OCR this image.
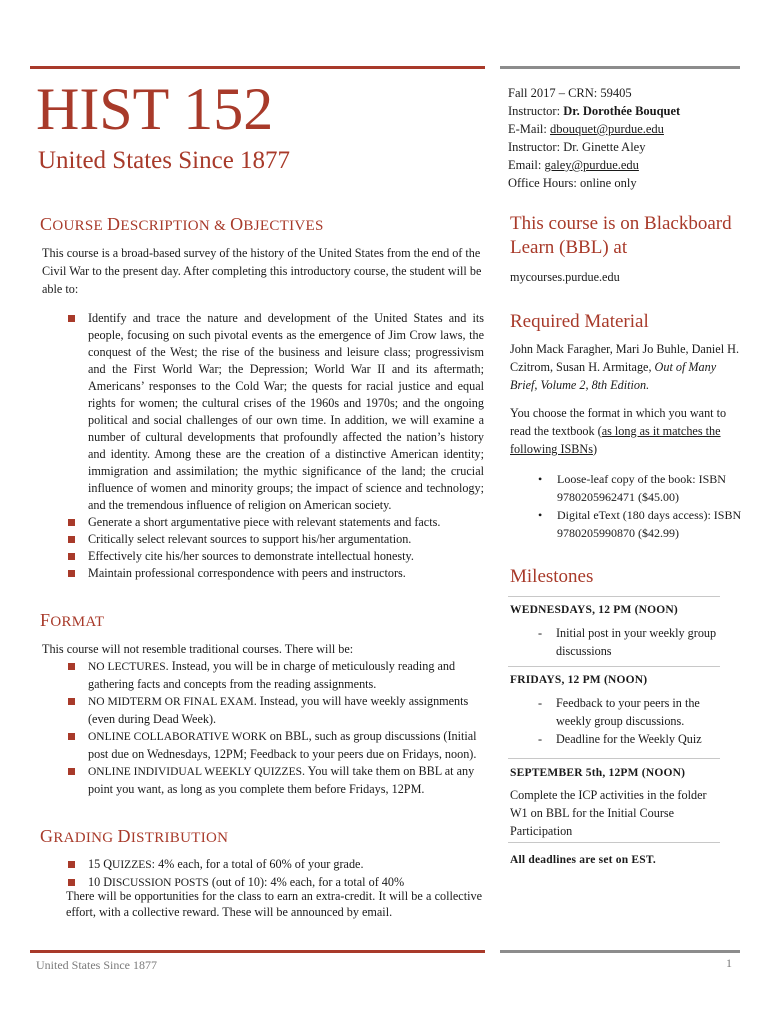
HIST 152
United States Since 1877
Fall 2017 – CRN: 59405
Instructor: Dr. Dorothée Bouquet
E-Mail: dbouquet@purdue.edu
Instructor: Dr. Ginette Aley
Email: galey@purdue.edu
Office Hours: online only
COURSE DESCRIPTION & OBJECTIVES
This course is a broad-based survey of the history of the United States from the end of the Civil War to the present day. After completing this introductory course, the student will be able to:
Identify and trace the nature and development of the United States and its people, focusing on such pivotal events as the emergence of Jim Crow laws, the conquest of the West; the rise of the business and leisure class; progressivism and the First World War; the Depression; World War II and its aftermath; Americans’ responses to the Cold War; the quests for racial justice and equal rights for women; the cultural crises of the 1960s and 1970s; and the ongoing political and social challenges of our own time. In addition, we will examine a number of cultural developments that profoundly affected the nation’s history and identity. Among these are the creation of a distinctive American identity; immigration and assimilation; the mythic significance of the land; the crucial influence of women and minority groups; the impact of science and technology; and the tremendous influence of religion on American society.
Generate a short argumentative piece with relevant statements and facts.
Critically select relevant sources to support his/her argumentation.
Effectively cite his/her sources to demonstrate intellectual honesty.
Maintain professional correspondence with peers and instructors.
FORMAT
This course will not resemble traditional courses. There will be:
NO LECTURES. Instead, you will be in charge of meticulously reading and gathering facts and concepts from the reading assignments.
NO MIDTERM OR FINAL EXAM. Instead, you will have weekly assignments (even during Dead Week).
ONLINE COLLABORATIVE WORK on BBL, such as group discussions (Initial post due on Wednesdays, 12PM; Feedback to your peers due on Fridays, noon).
ONLINE INDIVIDUAL WEEKLY QUIZZES. You will take them on BBL at any point you want, as long as you complete them before Fridays, 12PM.
GRADING DISTRIBUTION
15 QUIZZES: 4% each, for a total of 60% of your grade.
10 DISCUSSION POSTS (out of 10): 4% each, for a total of 40%
There will be opportunities for the class to earn an extra-credit. It will be a collective effort, with a collective reward. These will be announced by email.
This course is on Blackboard Learn (BBL) at
mycourses.purdue.edu
Required Material
John Mack Faragher, Mari Jo Buhle, Daniel H. Czitrom, Susan H. Armitage, Out of Many Brief, Volume 2, 8th Edition.
You choose the format in which you want to read the textbook (as long as it matches the following ISBNs)
• Loose-leaf copy of the book: ISBN 9780205962471 ($45.00)
• Digital eText (180 days access): ISBN 9780205990870 ($42.99)
Milestones
WEDNESDAYS, 12 PM (NOON)
- Initial post in your weekly group discussions
FRIDAYS, 12 PM (NOON)
- Feedback to your peers in the weekly group discussions.
- Deadline for the Weekly Quiz
SEPTEMBER 5th, 12PM (NOON)
Complete the ICP activities in the folder W1 on BBL for the Initial Course Participation
All deadlines are set on EST.
United States Since 1877	1
